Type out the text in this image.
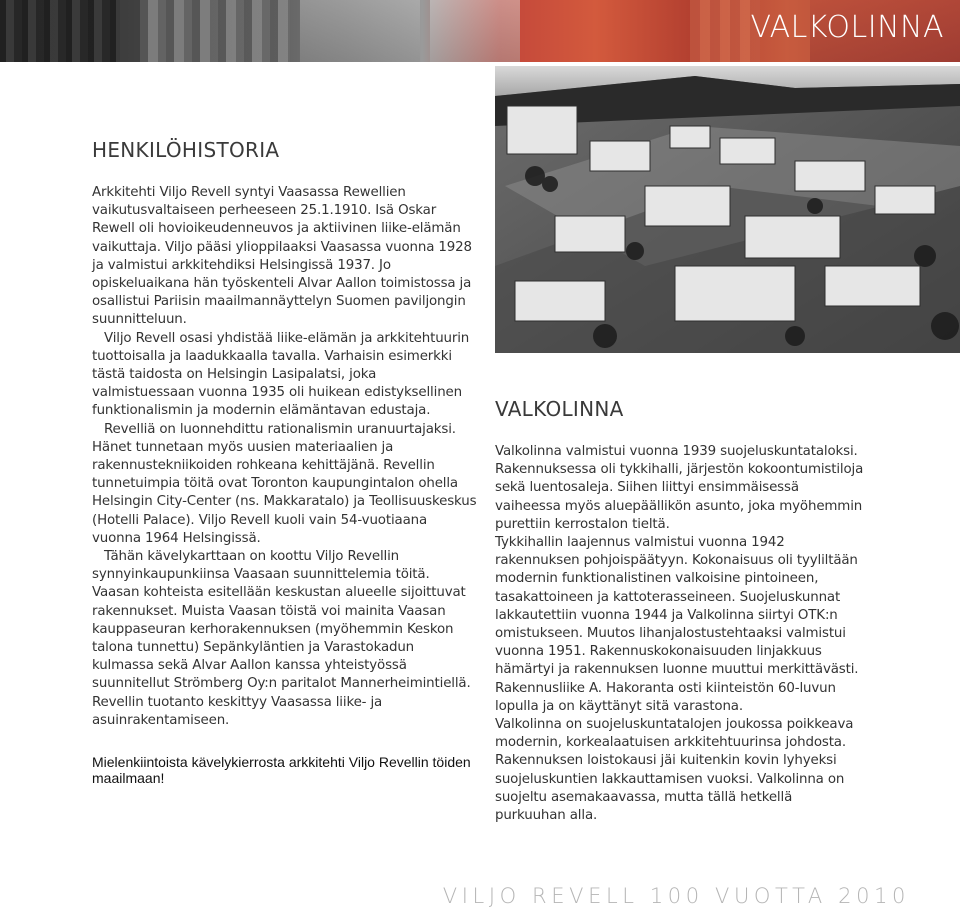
VALKOLINNA
HENKILÖHISTORIA

Arkkitehti Viljo Revell syntyi Vaasassa Rewellien vaikutusvaltaiseen perheeseen 25.1.1910. Isä Oskar Rewell oli hovioikeudenneuvos ja aktiivinen liike-elämän vaikuttaja. Viljo pääsi ylioppilaaksi Vaasassa vuonna 1928 ja valmistui arkkitehdiksi Helsingissä 1937. Jo opiskeluaikana hän työskenteli Alvar Aallon toimistossa ja osallistui Pariisin maailmannäyttelyn Suomen paviljongin suunnitteluun.

Viljo Revell osasi yhdistää liike-elämän ja arkkitehtuurin tuottoisalla ja laadukkaalla tavalla. Varhaisin esimerkki tästä taidosta on Helsingin Lasipalatsi, joka valmistuessaan vuonna 1935 oli huikean edistyksellinen funktionalismin ja modernin elämäntavan edustaja.

Revelliä on luonnehdittu rationalismin uranuurtajaksi. Hänet tunnetaan myös uusien materiaalien ja rakennustekniikoiden rohkeana kehittäjänä. Revellin tunnetuimpia töitä ovat Toronton kaupungintalon ohella Helsingin City-Center (ns. Makkaratalo) ja Teollisuuskeskus (Hotelli Palace). Viljo Revell kuoli vain 54-vuotiaana vuonna 1964 Helsingissä.

Tähän kävelykarttaan on koottu Viljo Revellin synnyinkaupunkiinsa Vaasaan suunnittelemia töitä. Vaasan kohteista esitellään keskustan alueelle sijoittuvat rakennukset. Muista Vaasan töistä voi mainita Vaasan kauppaseuran kerhorakennuksen (myöhemmin Keskon talona tunnettu) Sepänkyläntien ja Varastokadun kulmassa sekä Alvar Aallon kanssa yhteistyössä suunnitellut Strömberg Oy:n paritalot Mannerheimintiellä. Revellin tuotanto keskittyy Vaasassa liike- ja asuinrakentamiseen.

Mielenkiintoista kävelykierrosta arkkitehti Viljo Revellin töiden maailmaan!
VALKOLINNA

Valkolinna valmistui vuonna 1939 suojeluskuntataloksi. Rakennuksessa oli tykkihalli, järjestön kokoontumistiloja sekä luentosaleja. Siihen liittyi ensimmäisessä vaiheessa myös aluepäällikön asunto, joka myöhemmin purettiin kerrostalon tieltä.

Tykkihallin laajennus valmistui vuonna 1942 rakennuksen pohjoispäätyyn. Kokonaisuus oli tyyliltään modernin funktionalistinen valkoisine pintoineen, tasakattoineen ja kattoterasseineen. Suojeluskunnat lakkautettiin vuonna 1944 ja Valkolinna siirtyi OTK:n omistukseen. Muutos lihanjalostustehtaaksi valmistui vuonna 1951. Rakennuskokonaisuuden linjakkuus hämärtyi ja rakennuksen luonne muuttui merkittävästi. Rakennusliike A. Hakoranta osti kiinteistön 60-luvun lopulla ja on käyttänyt sitä varastona.

Valkolinna on suojeluskuntatalojen joukossa poikkeava modernin, korkealaatuisen arkkitehtuurinsa johdosta. Rakennuksen loistokausi jäi kuitenkin kovin lyhyeksi suojeluskuntien lakkauttamisen vuoksi. Valkolinna on suojeltu asemakaavassa, mutta tällä hetkellä purkuuhan alla.

VILJO REVELL 100 VUOTTA 2010
